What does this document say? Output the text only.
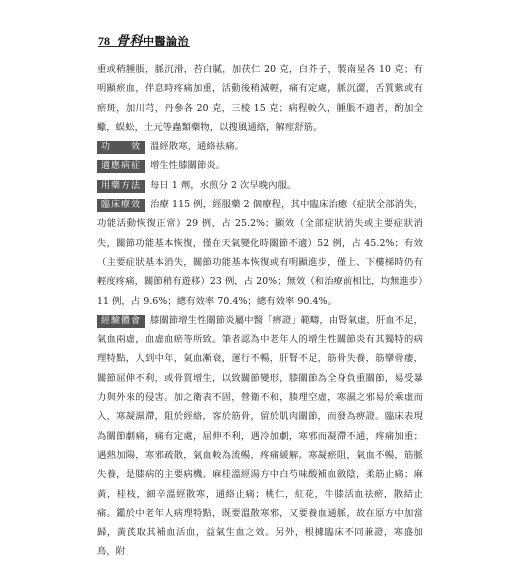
78 骨科中醫論治

重或稍腫脹，脈沉滑，苔白膩，加茯仁 20 克，白芥子，製南星各 10 克；有明顯瘀血，伴息時疼痛加重，活動後稍減輕，痛有定處，脈沉澀，舌質紫或有瘀斑，加川芎，丹參各 20 克，三棱 15 克；病程較久，腫脹不適者，酌加全蠍，蜈蚣，土元等蟲類藥物，以搜風通絡，解痙舒筋。

功　　效 溫經散寒，通絡祛痛。

適應病症 增生性膝關節炎。

用藥方法 每日 1 劑，水煎分 2 次早晚內服。

臨床療效 治療 115 例，經服藥 2 個療程，其中臨床治癒（症狀全部消失，功能活動恢復正常）29 例，占 25.2%；顯效（全部症狀消失或主要症狀消失，關節功能基本恢復，僅在天氣變化時關節不適）52 例，占 45.2%；有效（主要症狀基本消失，關節功能基本恢復或有明顯進步，僅上、下樓梯時仍有輕度疼痛，關節稍有遊移）23 例，占 20%；無效（和治療前相比，均無進步）11 例，占 9.6%；總有效率 70.4%；總有效率 90.4%。

經驗體會 膝關節增生性關節炎屬中醫「痹證」範疇，由腎氣虛，肝血不足，氣血兩虛，血虛血瘀等所致。筆者認為中老年人的增生性關節炎有其獨特的病理特點，人到中年，氣血漸衰，運行不暢，肝腎不足，筋骨失養，筋攣骨痿，關節屈伸不利，或骨質增生，以致關節變形，膝關節為全身負重關節，易受暴力與外來的侵害。加之衛表不固，營衛不和，腠理空虛，寒濕之邪易於乘虛而入，寒凝濕滯，阻於經絡，客於筋骨，留於肌肉關節，而發為痹證。臨床表現為關節劇痛，痛有定處，屈伸不利，遇冷加劇，寒邪而凝滯不通，疼痛加重；遇熱加陽，寒邪疏散，氣血較為流暢，疼痛緩解。寒凝瘀阻，氣血不暢，筋脈失養，是膝病的主要病機。麻桂溫經湯方中白芍味酸補血斂陰，柔筋止痛；麻黃，桂枝，細辛溫經散寒，通絡止痛；桃仁，紅花，牛膝活血祛瘀，散結止痛。鑑於中老年人病理特點，既要溫散寒邪，又要養血通脈，故在原方中加當歸，黃芪取其補血活血，益氣生血之效。另外，根據臨床不同兼證，寒盛加鳥，附
